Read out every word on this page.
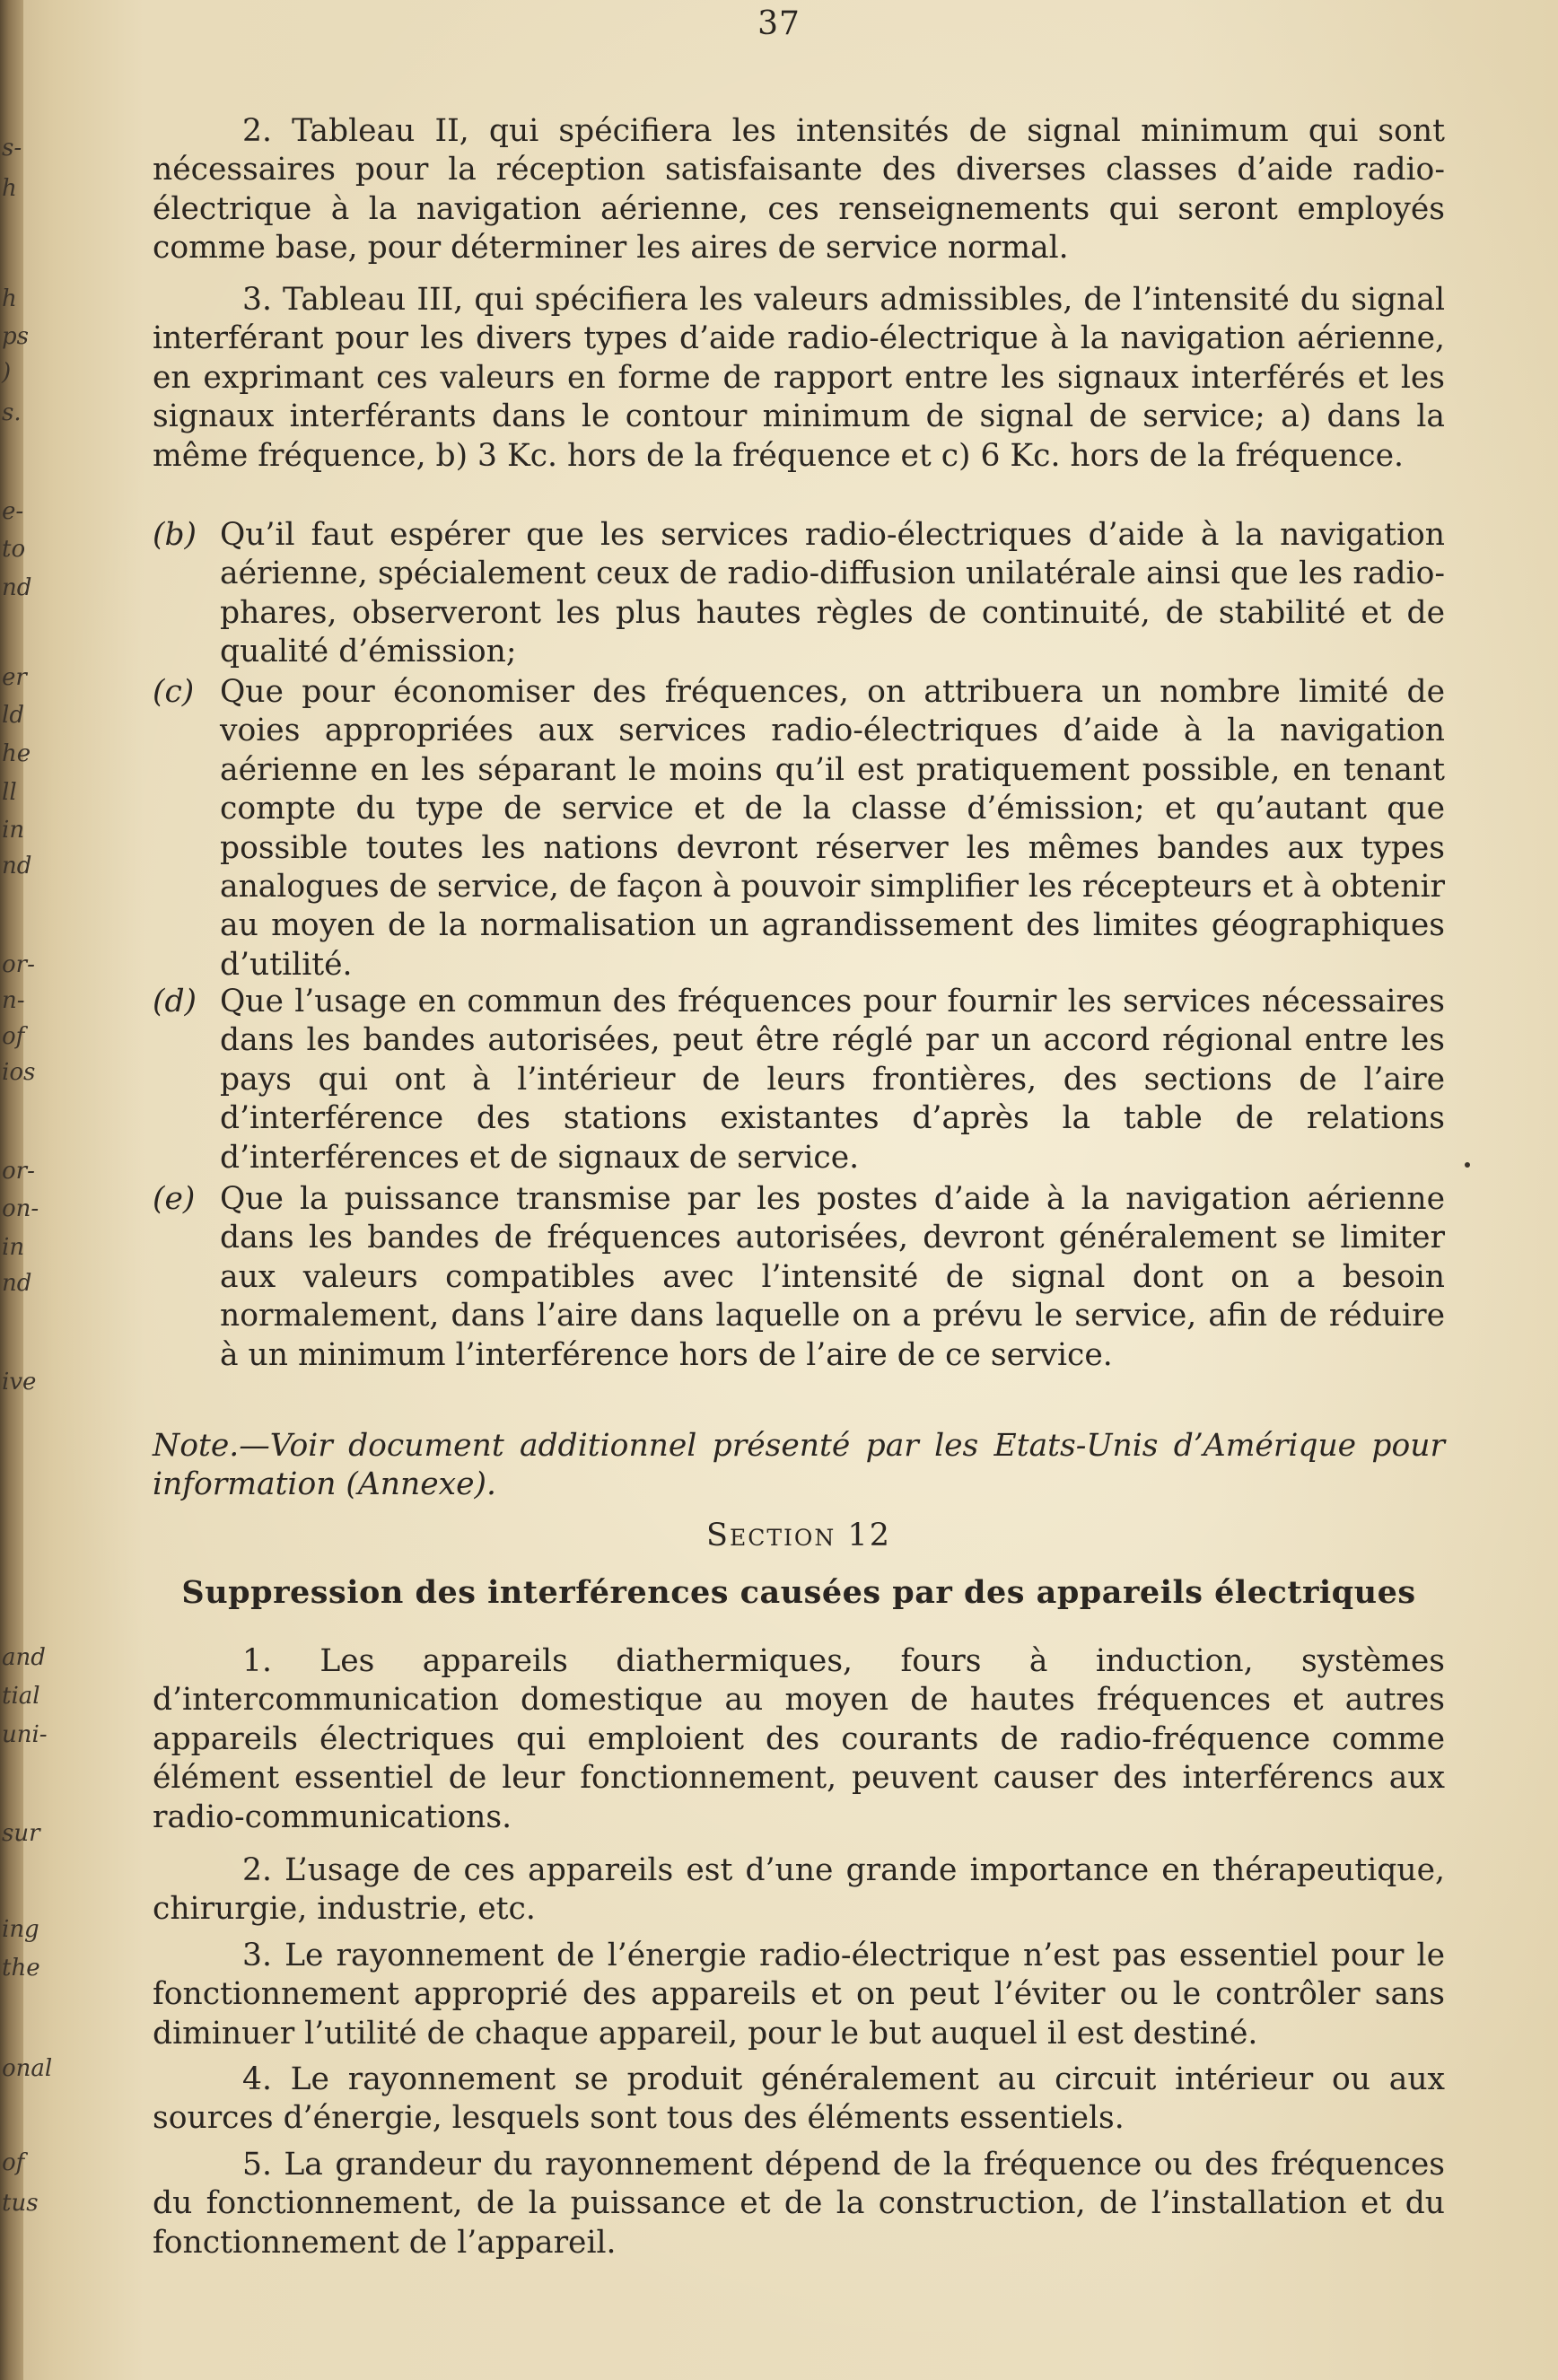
s-
h
h
ps
)
s.
e-
to
nd
er
ld
he
ll
in
nd
or-
n-
of
ios
or-
on-
in
nd
ive
and
tial
uni-
sur
ing
the
onal
of
tus
37

2. Tableau II, qui spécifiera les intensités de signal minimum qui sont nécessaires pour la réception satisfaisante des diverses classes d’aide radio-électrique à la navigation aérienne, ces renseignements qui seront employés comme base, pour déterminer les aires de service normal.

3. Tableau III, qui spécifiera les valeurs admissibles, de l’intensité du signal interférant pour les divers types d’aide radio-électrique à la navigation aérienne, en exprimant ces valeurs en forme de rapport entre les signaux interférés et les signaux interférants dans le contour minimum de signal de service; a) dans la même fréquence, b) 3 Kc. hors de la fréquence et c) 6 Kc. hors de la fréquence.

(b) Qu’il faut espérer que les services radio-électriques d’aide à la navigation aérienne, spécialement ceux de radio-diffusion unilatérale ainsi que les radio-phares, observeront les plus hautes règles de continuité, de stabilité et de qualité d’émission;

(c) Que pour économiser des fréquences, on attribuera un nombre limité de voies appropriées aux services radio-électriques d’aide à la navigation aérienne en les séparant le moins qu’il est pratiquement possible, en tenant compte du type de service et de la classe d’émission; et qu’autant que possible toutes les nations devront réserver les mêmes bandes aux types analogues de service, de façon à pouvoir simplifier les récepteurs et à obtenir au moyen de la normalisation un agrandissement des limites géographiques d’utilité.

(d) Que l’usage en commun des fréquences pour fournir les services nécessaires dans les bandes autorisées, peut être réglé par un accord régional entre les pays qui ont à l’intérieur de leurs frontières, des sections de l’aire d’interférence des stations existantes d’après la table de relations d’interférences et de signaux de service.

(e) Que la puissance transmise par les postes d’aide à la navigation aérienne dans les bandes de fréquences autorisées, devront généralement se limiter aux valeurs compatibles avec l’intensité de signal dont on a besoin normalement, dans l’aire dans laquelle on a prévu le service, afin de réduire à un minimum l’interférence hors de l’aire de ce service.

Note.—Voir document additionnel présenté par les Etats-Unis d’Amérique pour information (Annexe).

Section 12
Suppression des interférences causées par des appareils électriques

1. Les appareils diathermiques, fours à induction, systèmes d’intercommunication domestique au moyen de hautes fréquences et autres appareils électriques qui emploient des courants de radio-fréquence comme élément essentiel de leur fonctionnement, peuvent causer des interférencs aux radio-communications.

2. L’usage de ces appareils est d’une grande importance en thérapeutique, chirurgie, industrie, etc.

3. Le rayonnement de l’énergie radio-électrique n’est pas essentiel pour le fonctionnement approprié des appareils et on peut l’éviter ou le contrôler sans diminuer l’utilité de chaque appareil, pour le but auquel il est destiné.

4. Le rayonnement se produit généralement au circuit intérieur ou aux sources d’énergie, lesquels sont tous des éléments essentiels.

5. La grandeur du rayonnement dépend de la fréquence ou des fréquences du fonctionnement, de la puissance et de la construction, de l’installation et du fonctionnement de l’appareil.
